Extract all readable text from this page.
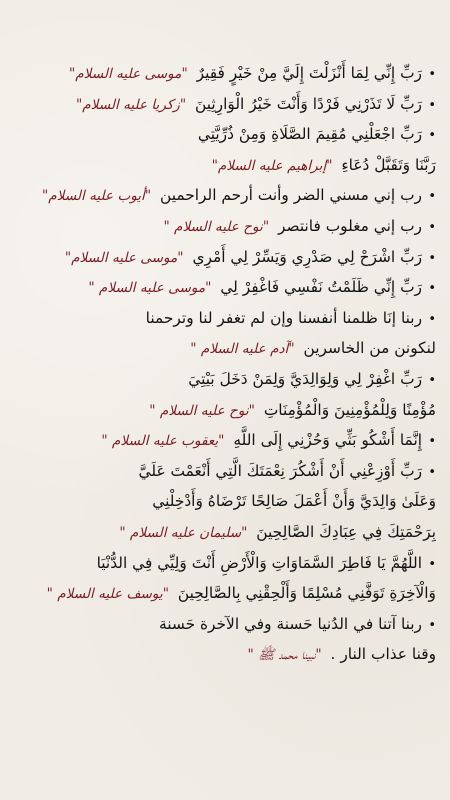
•رَبِّ إِنِّي لِمَا أَنْزَلْتَ إِلَيَّ مِنْ خَيْرٍ فَقِيرٌ "موسى عليه السلام"
•رَبِّ لَا تَذَرْنِي فَرْدًا وَأَنْتَ خَيْرُ الْوَارِثِينَ "زكريا عليه السلام"
•رَبِّ اجْعَلْنِي مُقِيمَ الصَّلَاةِ وَمِنْ ذُرِّيَّتِي
رَبَّنَا وَتَقَبَّلْ دُعَاءِ "إبراهيم عليه السلام"
•رب إني مسني الضر وأنت أرحم الراحمين "أيوب عليه السلام"
•رب إني مغلوب فانتصر "نوح عليه السلام "
•رَبِّ اشْرَحْ لِي صَدْرِي وَيَسِّرْ لِي أَمْرِي "موسى عليه السلام"
•رَبِّ إِنِّي ظَلَمْتُ نَفْسِي فَاغْفِرْ لِي "موسى عليه السلام "
•ربنا إنَا ظلمنا أنفسنا وإن لم تغفر لنا وترحمنا
لنكونن من الخاسرين "آدم عليه السلام "
•رَبِّ اغْفِرْ لِي وَلِوَالِدَيَّ وَلِمَنْ دَخَلَ بَيْتِيَ
مُؤْمِنًا وَلِلْمُؤْمِنِينَ وَالْمُؤْمِنَاتِ "نوح عليه السلام "
•إِنَّمَا أَشْكُو بَثِّي وَحُزْنِي إِلَى اللَّهِ "يعقوب عليه السلام "
•رَبِّ أَوْزِعْنِي أَنْ أَشْكُرَ نِعْمَتَكَ الَّتِي أَنْعَمْتَ عَلَيَّ
وَعَلَىٰ وَالِدَيَّ وَأَنْ أَعْمَلَ صَالِحًا تَرْضَاهُ وَأَدْخِلْنِي
بِرَحْمَتِكَ فِي عِبَادِكَ الصَّالِحِينَ "سليمان عليه السلام "
•اللَّهُمَّ يَا فَاطِرَ السَّمَاوَاتِ وَالْأَرْضِ أَنْتَ وَلِيِّي فِي الدُّنْيَا
وَالْآخِرَةِ تَوَفَّنِي مُسْلِمًا وَأَلْحِقْنِي بِالصَّالِحِينَ "يوسف عليه السلام "
•ربنا آتنا في الدُنيا حَسنة وفي الآخرة حَسنة
وقنا عذاب النار . "نبينا محمد ﷺ "
